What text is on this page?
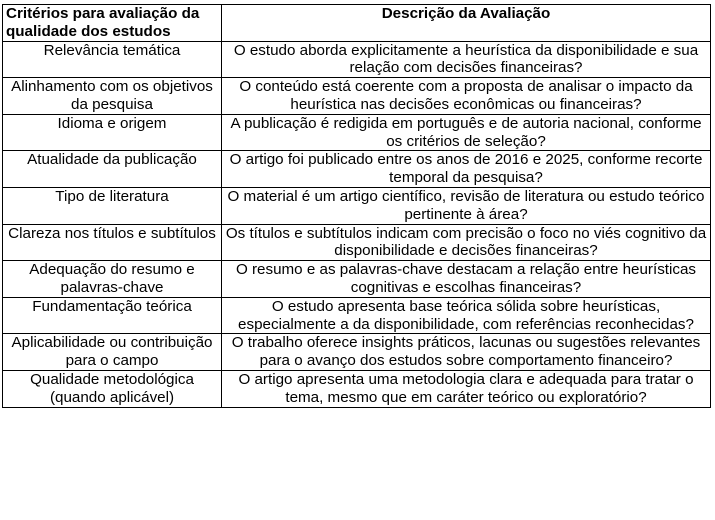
Critérios para avaliação da qualidade dos estudos	Descrição da Avaliação
Relevância temática	O estudo aborda explicitamente a heurística da disponibilidade e sua relação com decisões financeiras?
Alinhamento com os objetivos da pesquisa	O conteúdo está coerente com a proposta de analisar o impacto da heurística nas decisões econômicas ou financeiras?
Idioma e origem	A publicação é redigida em português e de autoria nacional, conforme os critérios de seleção?
Atualidade da publicação	O artigo foi publicado entre os anos de 2016 e 2025, conforme recorte temporal da pesquisa?
Tipo de literatura	O material é um artigo científico, revisão de literatura ou estudo teórico pertinente à área?
Clareza nos títulos e subtítulos	Os títulos e subtítulos indicam com precisão o foco no viés cognitivo da disponibilidade e decisões financeiras?
Adequação do resumo e palavras-chave	O resumo e as palavras-chave destacam a relação entre heurísticas cognitivas e escolhas financeiras?
Fundamentação teórica	O estudo apresenta base teórica sólida sobre heurísticas, especialmente a da disponibilidade, com referências reconhecidas?
Aplicabilidade ou contribuição para o campo	O trabalho oferece insights práticos, lacunas ou sugestões relevantes para o avanço dos estudos sobre comportamento financeiro?
Qualidade metodológica (quando aplicável)	O artigo apresenta uma metodologia clara e adequada para tratar o tema, mesmo que em caráter teórico ou exploratório?
